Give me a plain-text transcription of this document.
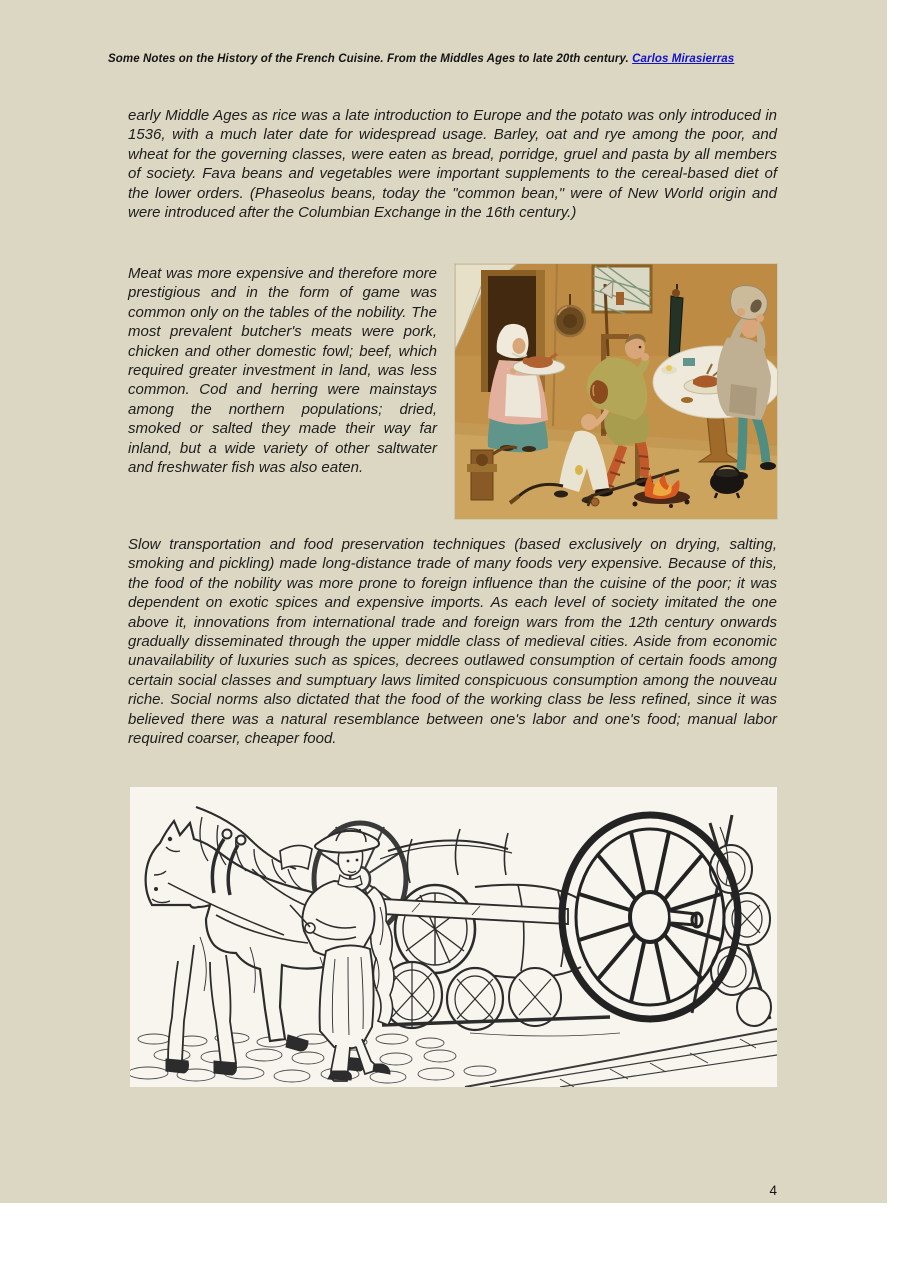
Some Notes on the History of the French Cuisine. From the Middles Ages to late 20th century. Carlos Mirasierras

early Middle Ages as rice was a late introduction to Europe and the potato was only introduced in 1536, with a much later date for widespread usage. Barley, oat and rye among the poor, and wheat for the governing classes, were eaten as bread, porridge, gruel and pasta by all members of society. Fava beans and vegetables were important supplements to the cereal-based diet of the lower orders. (Phaseolus beans, today the "common bean," were of New World origin and were introduced after the Columbian Exchange in the 16th century.)

Meat was more expensive and therefore more prestigious and in the form of game was common only on the tables of the nobility. The most prevalent butcher's meats were pork, chicken and other domestic fowl; beef, which required greater investment in land, was less common. Cod and herring were mainstays among the northern populations; dried, smoked or salted they made their way far inland, but a wide variety of other saltwater and freshwater fish was also eaten.

Slow transportation and food preservation techniques (based exclusively on drying, salting, smoking and pickling) made long-distance trade of many foods very expensive. Because of this, the food of the nobility was more prone to foreign influence than the cuisine of the poor; it was dependent on exotic spices and expensive imports. As each level of society imitated the one above it, innovations from international trade and foreign wars from the 12th century onwards gradually disseminated through the upper middle class of medieval cities. Aside from economic unavailability of luxuries such as spices, decrees outlawed consumption of certain foods among certain social classes and sumptuary laws limited conspicuous consumption among the nouveau riche. Social norms also dictated that the food of the working class be less refined, since it was believed there was a natural resemblance between one's labor and one's food; manual labor required coarser, cheaper food.

4
